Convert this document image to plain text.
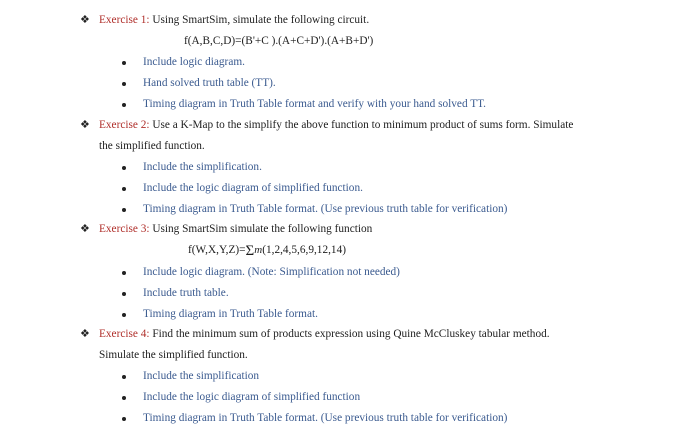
❖ Exercise 1: Using SmartSim, simulate the following circuit.
f(A,B,C,D)=(B'+C ).(A+C+D').(A+B+D')
Include logic diagram.
Hand solved truth table (TT).
Timing diagram in Truth Table format and verify with your hand solved TT.
❖ Exercise 2: Use a K-Map to the simplify the above function to minimum product of sums form. Simulate
the simplified function.
Include the simplification.
Include the logic diagram of simplified function.
Timing diagram in Truth Table format. (Use previous truth table for verification)
❖ Exercise 3: Using SmartSim simulate the following function
f(W,X,Y,Z)=Σm(1,2,4,5,6,9,12,14)
Include logic diagram. (Note: Simplification not needed)
Include truth table.
Timing diagram in Truth Table format.
❖ Exercise 4: Find the minimum sum of products expression using Quine McCluskey tabular method.
Simulate the simplified function.
Include the simplification
Include the logic diagram of simplified function
Timing diagram in Truth Table format. (Use previous truth table for verification)
